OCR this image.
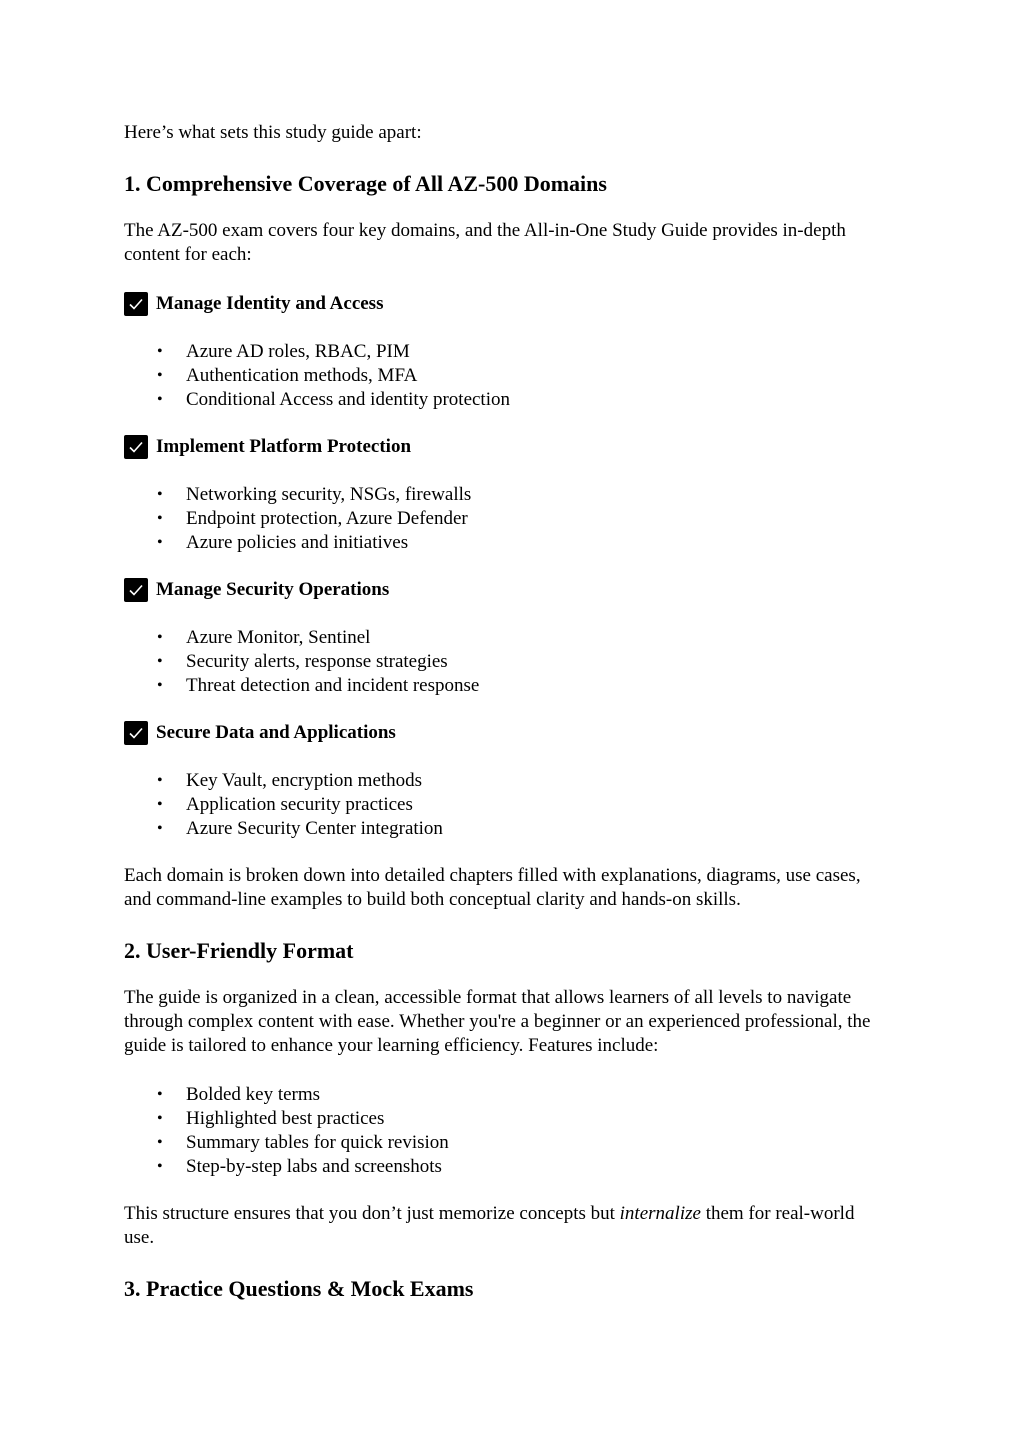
Here’s what sets this study guide apart:

1. Comprehensive Coverage of All AZ-500 Domains

The AZ-500 exam covers four key domains, and the All-in-One Study Guide provides in-depth content for each:

Manage Identity and Access
• Azure AD roles, RBAC, PIM
• Authentication methods, MFA
• Conditional Access and identity protection
Implement Platform Protection
• Networking security, NSGs, firewalls
• Endpoint protection, Azure Defender
• Azure policies and initiatives
Manage Security Operations
• Azure Monitor, Sentinel
• Security alerts, response strategies
• Threat detection and incident response
Secure Data and Applications
• Key Vault, encryption methods
• Application security practices
• Azure Security Center integration

Each domain is broken down into detailed chapters filled with explanations, diagrams, use cases, and command-line examples to build both conceptual clarity and hands-on skills.

2. User-Friendly Format

The guide is organized in a clean, accessible format that allows learners of all levels to navigate through complex content with ease. Whether you're a beginner or an experienced professional, the guide is tailored to enhance your learning efficiency. Features include:

• Bolded key terms
• Highlighted best practices
• Summary tables for quick revision
• Step-by-step labs and screenshots

This structure ensures that you don’t just memorize concepts but internalize them for real-world use.

3. Practice Questions & Mock Exams
